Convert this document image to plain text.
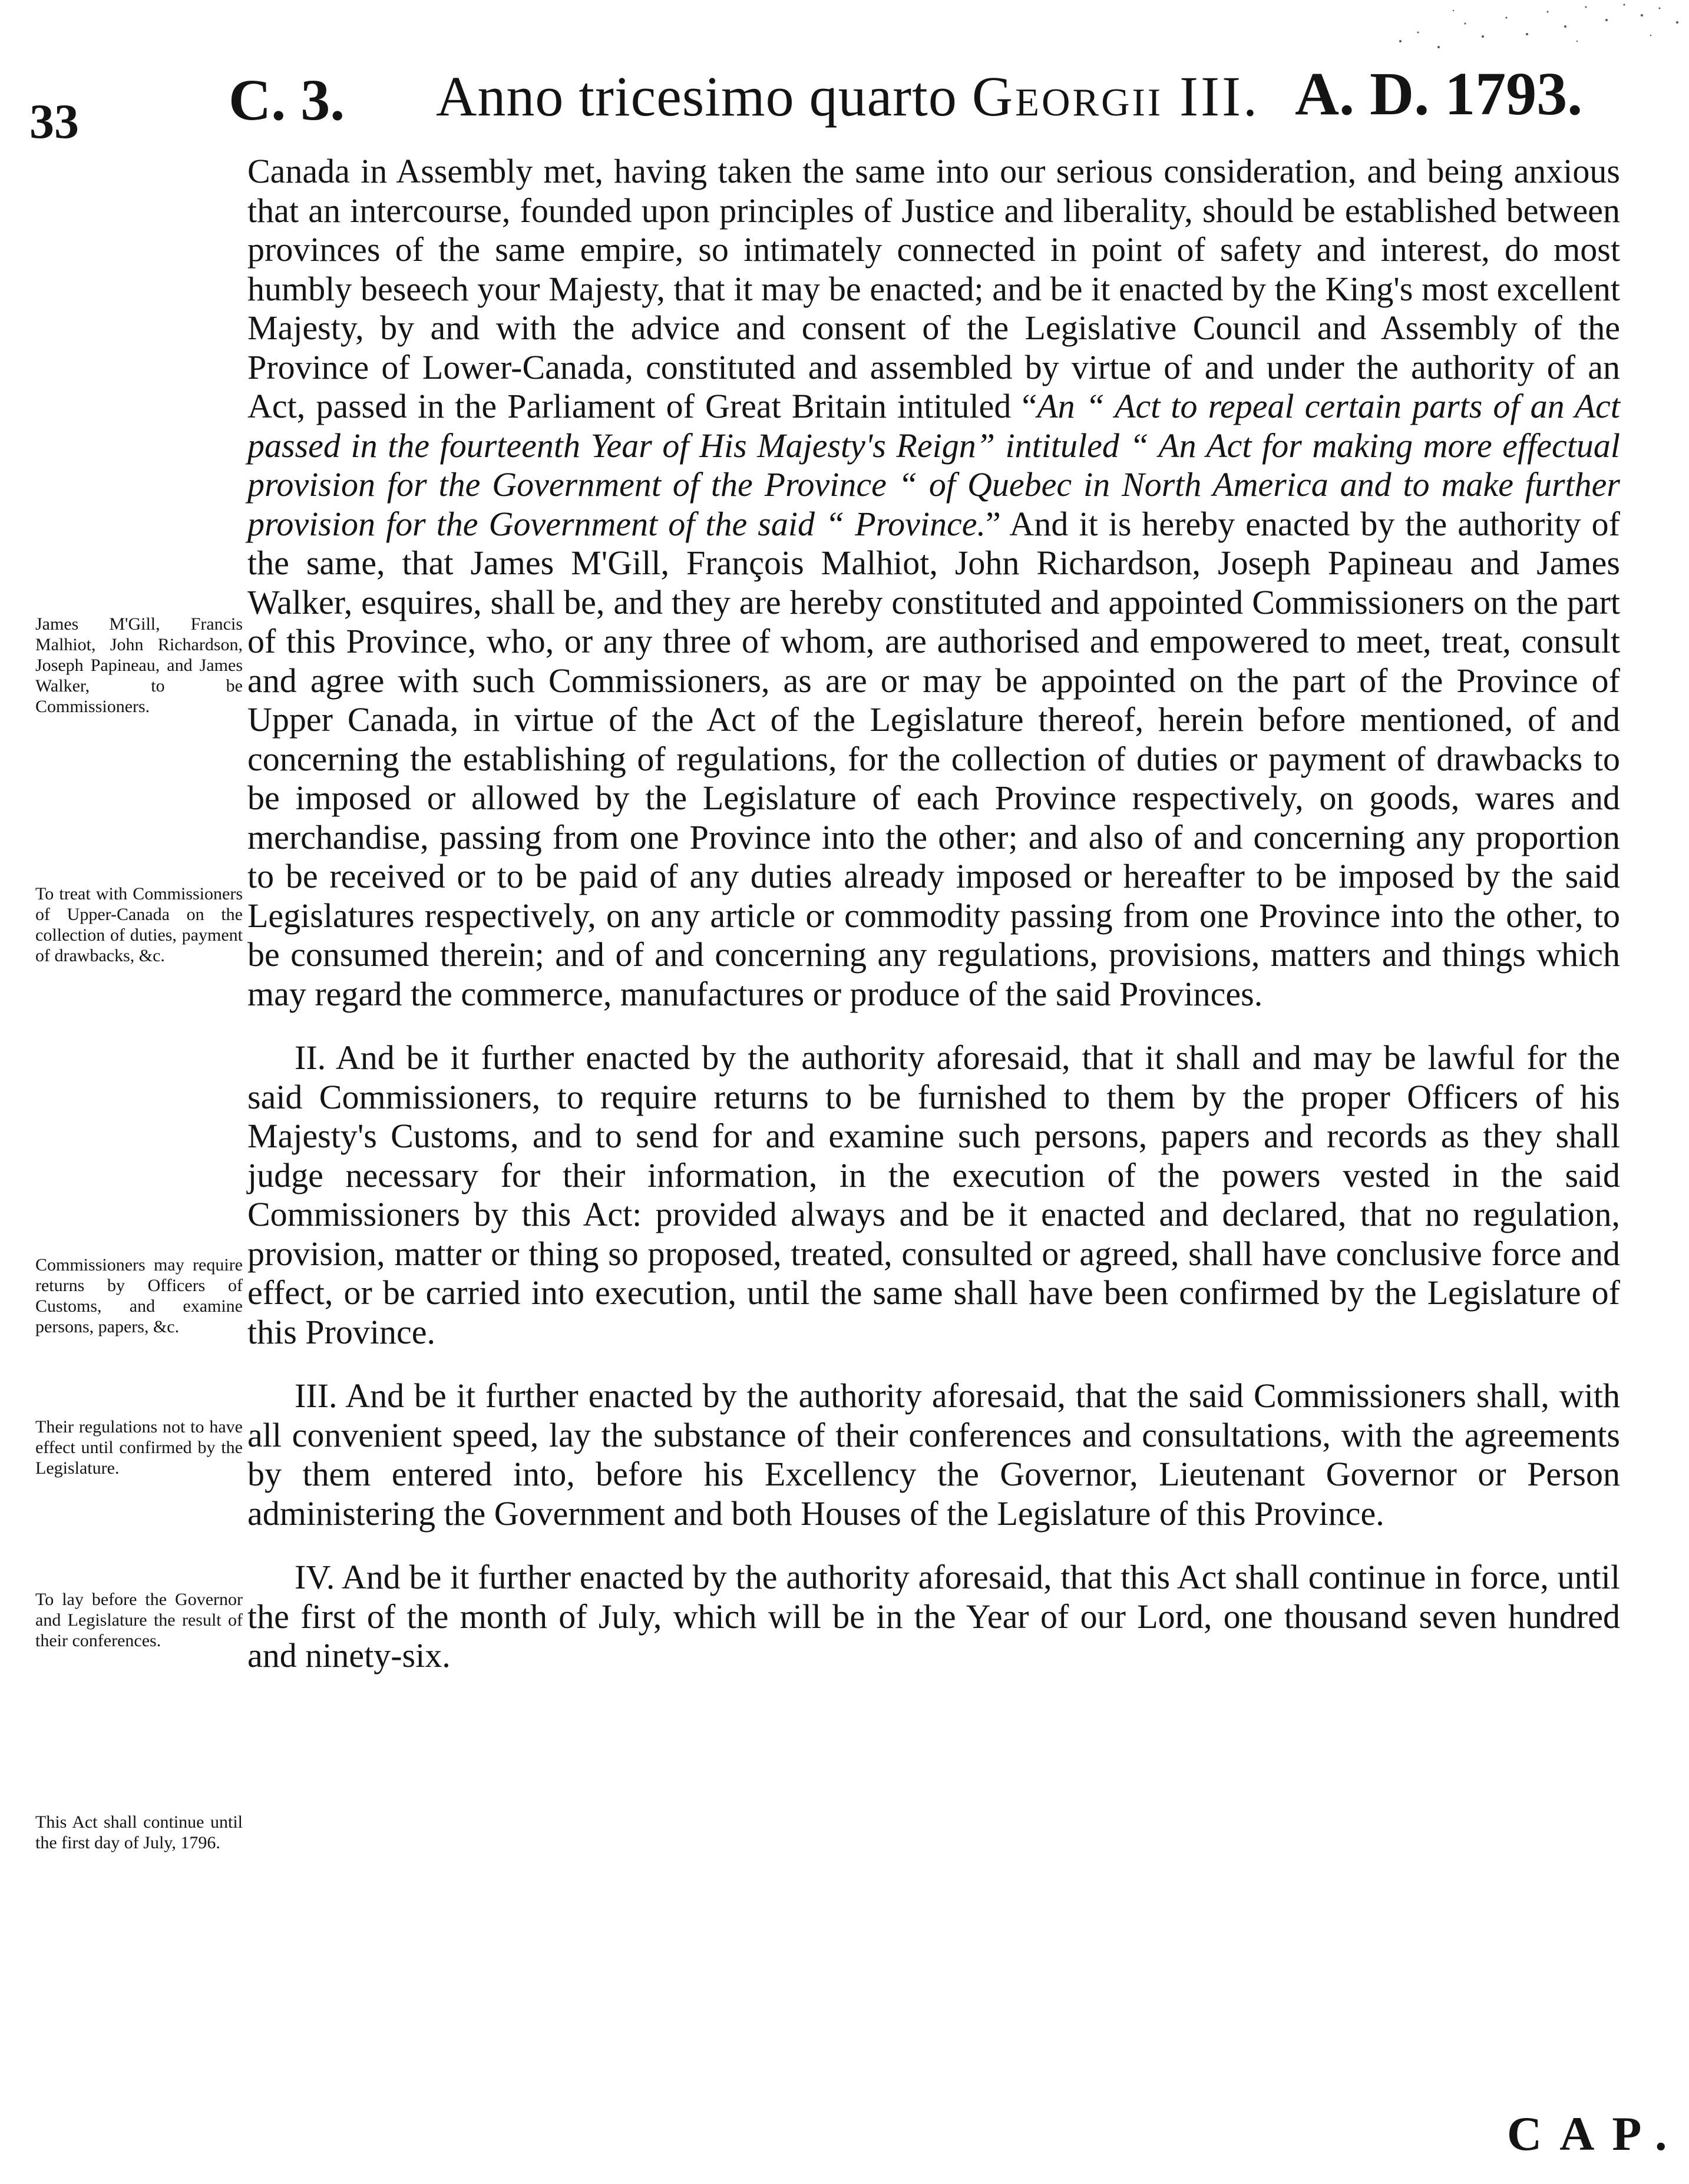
33	C. 3. Anno tricesimo quarto Georgii III. A. D. 1793.

Canada in Assembly met, having taken the same into our serious consideration, and being anxious that an intercourse, founded upon principles of Justice and liberality, should be established between provinces of the same empire, so intimately connected in point of safety and interest, do most humbly beseech your Majesty, that it may be enacted; and be it enacted by the King's most excellent Majesty, by and with the advice and consent of the Legislative Council and Assembly of the Province of Lower-Canada, constituted and assembled by virtue of and under the authority of an Act, passed in the Parliament of Great Britain intituled “An “ Act to repeal certain parts of an Act passed in the fourteenth Year of His Majesty's Reign” intituled “ An Act for making more effectual provision for the Government of the Province “ of Quebec in North America and to make further provision for the Government of the said “ Province.” And it is hereby enacted by the authority of the same, that James M'Gill, François Malhiot, John Richardson, Joseph Papineau and James Walker, esquires, shall be, and they are hereby constituted and appointed Commissioners on the part of this Province, who, or any three of whom, are authorised and empowered to meet, treat, consult and agree with such Commissioners, as are or may be appointed on the part of the Province of Upper Canada, in virtue of the Act of the Legislature thereof, herein before mentioned, of and concerning the establishing of regulations, for the collection of duties or payment of drawbacks to be imposed or allowed by the Legislature of each Province respectively, on goods, wares and merchandise, passing from one Province into the other; and also of and concerning any proportion to be received or to be paid of any duties already imposed or hereafter to be imposed by the said Legislatures respectively, on any article or commodity passing from one Province into the other, to be consumed therein; and of and concerning any regulations, provisions, matters and things which may regard the commerce, manufactures or produce of the said Provinces.

II. And be it further enacted by the authority aforesaid, that it shall and may be lawful for the said Commissioners, to require returns to be furnished to them by the proper Officers of his Majesty's Customs, and to send for and examine such persons, papers and records as they shall judge necessary for their information, in the execution of the powers vested in the said Commissioners by this Act: provided always and be it enacted and declared, that no regulation, provision, matter or thing so proposed, treated, consulted or agreed, shall have conclusive force and effect, or be carried into execution, until the same shall have been confirmed by the Legislature of this Province.

III. And be it further enacted by the authority aforesaid, that the said Commissioners shall, with all convenient speed, lay the substance of their conferences and consultations, with the agreements by them entered into, before his Excellency the Governor, Lieutenant Governor or Person administering the Government and both Houses of the Legislature of this Province.

IV. And be it further enacted by the authority aforesaid, that this Act shall continue in force, until the first of the month of July, which will be in the Year of our Lord, one thousand seven hundred and ninety-six.

James M'Gill, Francis Malhiot, John Richardson, Joseph Papineau, and James Walker, to be Commissioners.
To treat with Commissioners of Upper-Canada on the collection of duties, payment of drawbacks, &c.
Commissioners may require returns by Officers of Customs, and examine persons, papers, &c.
Their regulations not to have effect until confirmed by the Legislature.
To lay before the Governor and Legislature the result of their conferences.
This Act shall continue until the first day of July, 1796.
CAP.
